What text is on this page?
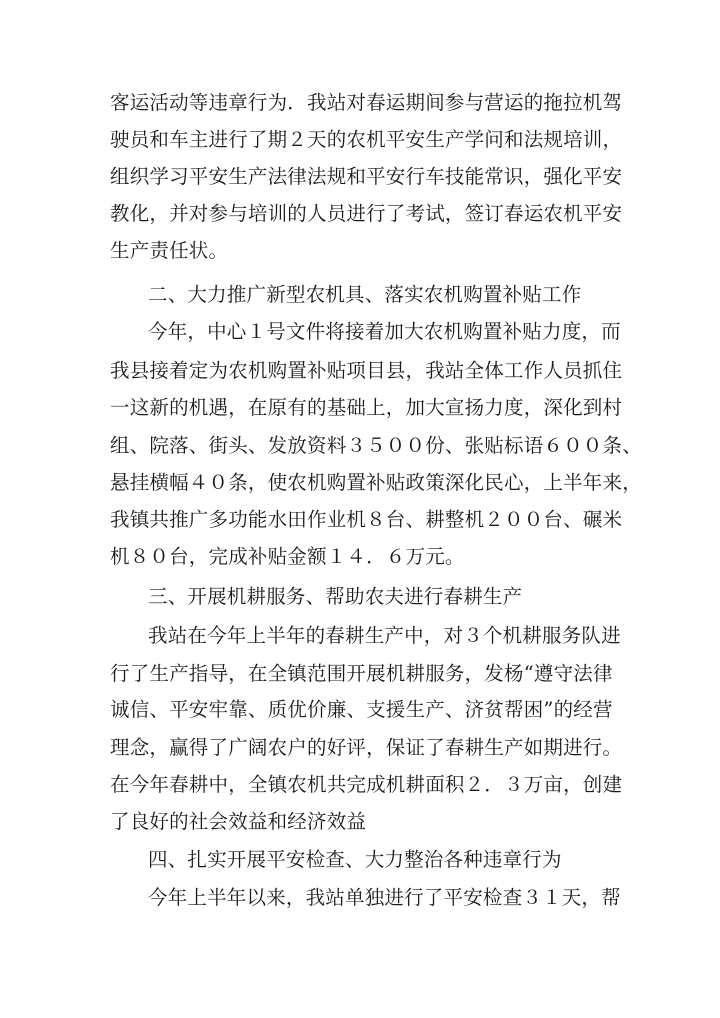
客运活动等违章行为．我站对春运期间参与营运的拖拉机驾
驶员和车主进行了期２天的农机平安生产学问和法规培训，
组织学习平安生产法律法规和平安行车技能常识，强化平安
教化，并对参与培训的人员进行了考试，签订春运农机平安
生产责任状。
二、大力推广新型农机具、落实农机购置补贴工作
今年，中心１号文件将接着加大农机购置补贴力度，而
我县接着定为农机购置补贴项目县，我站全体工作人员抓住
一这新的机遇，在原有的基础上，加大宣扬力度，深化到村
组、院落、街头、发放资料３５００份、张贴标语６００条、
悬挂横幅４０条，使农机购置补贴政策深化民心，上半年来，
我镇共推广多功能水田作业机８台、耕整机２００台、碾米
机８０台，完成补贴金额１４．６万元。
三、开展机耕服务、帮助农夫进行春耕生产
我站在今年上半年的春耕生产中，对３个机耕服务队进
行了生产指导，在全镇范围开展机耕服务，发杨“遵守法律
诚信、平安牢靠、质优价廉、支援生产、济贫帮困”的经营
理念，赢得了广阔农户的好评，保证了春耕生产如期进行。
在今年春耕中，全镇农机共完成机耕面积２．３万亩，创建
了良好的社会效益和经济效益
四、扎实开展平安检查、大力整治各种违章行为
今年上半年以来，我站单独进行了平安检查３１天，帮
